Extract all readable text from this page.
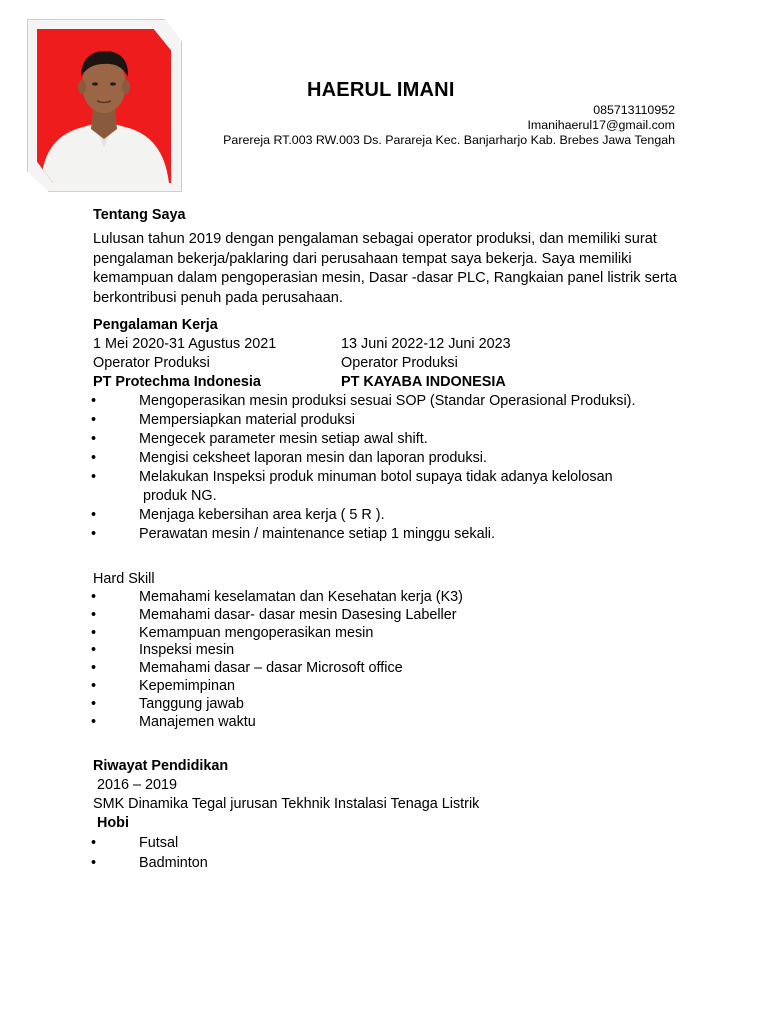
HAERUL IMANI
085713110952
Imanihaerul17@gmail.com
Parereja RT.003 RW.003 Ds. Parareja Kec. Banjarharjo Kab. Brebes Jawa Tengah
Tentang Saya

Lulusan tahun 2019 dengan pengalaman sebagai operator produksi, dan memiliki surat pengalaman bekerja/paklaring dari perusahaan tempat saya bekerja. Saya memiliki kemampuan dalam pengoperasian mesin, Dasar -dasar PLC, Rangkaian panel listrik serta berkontribusi penuh pada perusahaan.

Pengalaman Kerja
1 Mei 2020-31 Agustus 2021
Operator Produksi
PT Protechma Indonesia
13 Juni 2022-12 Juni 2023
Operator Produksi
PT KAYABA INDONESIA
• Mengoperasikan mesin produksi sesuai SOP (Standar Operasional Produksi).
• Mempersiapkan material produksi
• Mengecek parameter mesin setiap awal shift.
• Mengisi ceksheet laporan mesin dan laporan produksi.
• Melakukan Inspeksi produk minuman botol supaya tidak adanya kelolosan
produk NG.
• Menjaga kebersihan area kerja ( 5 R ).
• Perawatan mesin / maintenance setiap 1 minggu sekali.
Hard Skill
• Memahami keselamatan dan Kesehatan kerja (K3)
• Memahami dasar- dasar mesin Dasesing Labeller
• Kemampuan mengoperasikan mesin
• Inspeksi mesin
• Memahami dasar – dasar Microsoft office
• Kepemimpinan
• Tanggung jawab
• Manajemen waktu
Riwayat Pendidikan
2016 – 2019
SMK Dinamika Tegal jurusan Tekhnik Instalasi Tenaga Listrik
Hobi
• Futsal
• Badminton
